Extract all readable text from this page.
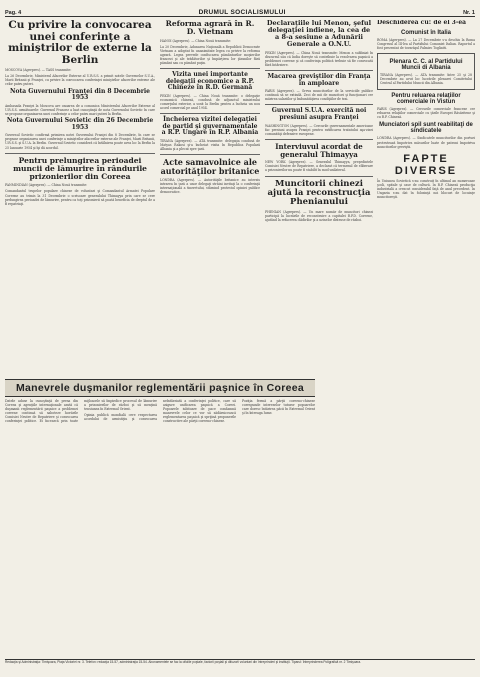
Pag. 4	DRUMUL SOCIALISMULUI	Nr. 1
Cu privire la convocarea unei conferinţe a miniştrilor de externe la Berlin

MOSCOVA (Agerpres). — TASS transmite:

La 26 Decembrie, Ministerul Afacerilor Externe al U.R.S.S. a primit notele Guvernelor S.U.A., Marii Britanii şi Franţei, cu privire la convocarea conferinţei miniştrilor afacerilor externe ale celor patru puteri.

Nota Guvernului Franţei din 8 Decembrie 1953

Ambasada Franţei la Moscova are onoarea de a comunica Ministerului Afacerilor Externe al U.R.S.S. următoarele: Guvernul Francez a luat cunoştinţă de nota Guvernului Sovietic în care se propune organizarea unei conferinţe a celor patru mari puteri la Berlin.

Nota Guvernului Sovietic din 26 Decembrie 1953

Guvernul Sovietic confirmă primirea notei Guvernului Franţei din 8 Decembrie, în care se propune organizarea unei conferinţe a miniştrilor afacerilor externe ale Franţei, Marii Britanii, U.R.S.S. şi S.U.A. la Berlin. Guvernul Sovietic consideră că întâlnirea poate avea loc la Berlin la 25 Ianuarie 1954 şi îşi dă acordul.

Pentru prelungirea perioadei muncii de lămurire în rândurile prizonierilor din Coreea

PANMINDIAN (Agerpres). — China Nouă transmite:

Comandantul trupelor populare chineze de voluntari şi Comandantul Armatei Populare Coreene au trimis la 31 Decembrie o scrisoare generalului Thimayya prin care se cere prelungirea perioadei de lămurire, pentru ca toţi prizonierii să poată beneficia de dreptul de a fi repatriaţi.

Reforma agrară în R. D. Vietnam

HANOI (Agerpres). — China Nouă transmite:

La 20 Decembrie, Adunarea Naţională a Republicii Democrate Vietnam a adoptat în unanimitate legea cu privire la reforma agrară. Legea prevede confiscarea pământurilor moşierilor francezi şi ale trădătorilor şi împărţirea lor ţăranilor fără pământ sau cu pământ puţin.

Vizita unei importante delegaţii economice a R.P. Chineze în R.D. Germană

PEKIN (Agerpres). — China Nouă transmite: o delegaţie economică chineză, condusă de adjunctul ministrului comerţului exterior, a sosit la Berlin pentru a încheia un nou acord comercial pe anul 1954.

Încheierea vizitei delegaţiei de partid şi guvernamentale a R.P. Ungare în R.P. Albania

TIRANA (Agerpres). — ATA transmite: delegaţia condusă de Matyas Rakosi şi-a încheiat vizita în Republica Populară Albania şi a plecat spre ţară.

Acte samavolnice ale autorităţilor britanice

LONDRA (Agerpres). — Autorităţile britanice au interzis intrarea în ţară a unor delegaţi străini invitaţi la o conferinţă internaţională a tineretului, stârnind protestul opiniei publice democratice.

Declaraţiile lui Menon, şeful delegaţiei indiene, la cea de a 8-a sesiune a Adunării Generale a O.N.U.

PEKIN (Agerpres). — China Nouă transmite: Menon a subliniat în discursul său că India doreşte să contribuie la rezolvarea paşnică a problemei coreene şi că conferinţa politică trebuie să fie convocată fără întârziere.

Macarea greviştilor din Franţa în amploare

PARIS (Agerpres). — Greva muncitorilor de la serviciile publice continuă să se extindă. Zeci de mii de muncitori şi funcţionari cer mărirea salariilor şi îmbunătăţirea condiţiilor de trai.

Guvernul S.U.A. exercită noi presiuni asupra Franţei

WASHINGTON (Agerpres). — Cercurile guvernamentale americane fac presiuni asupra Franţei pentru ratificarea tratatului aşa-zisei comunităţi defensive europene.

Interviuvul acordat de generalul Thimayya

NEW YORK (Agerpres). — Generalul Thimayya, preşedintele Comisiei Neutre de Repatriere, a declarat că termenul de eliberare a prizonierilor nu poate fi stabilit în mod unilateral.

Muncitorii chinezi ajută la reconstrucţia Phenianului

PHENIAN (Agerpres). — Un mare număr de muncitori chinezi participă la lucrările de reconstruire a capitalei R.P.D. Coreene, ajutând la refacerea clădirilor şi a uzinelor distruse de război.

Deschiderea cu! de el 3-ea
Comunist în Italia

ROMA (Agerpres). — La 27 Decembrie s-a deschis la Roma Congresul al III-lea al Partidului Comunist Italian. Raportul a fost prezentat de tovarăşul Palmiro Togliatti.

Plenara C. C. al Partidului Muncii di Albania

TIRANA (Agerpres). — ATA transmite: între 25 şi 28 Decembrie au avut loc lucrările plenarei Comitetului Central al Partidului Muncii din Albania.

Pentru reluarea relaţiilor comerciale în Vistun

PARIS (Agerpres). — Cercurile comerciale franceze cer reluarea relaţiilor comerciale cu ţările Europei Răsăritene şi cu R.P. Chineză.

Munciatori spil sunt reabilitaţi de sindicatele

LONDRA (Agerpres). — Sindicatele muncitorilor din porturi protestează împotriva măsurilor luate de patroni împotriva muncitorilor greviştii.

FAPTE DIVERSE

În Uniunea Sovietică s-au construit în ultimul an numeroase şcoli, spitale şi case de cultură. În R.P. Chineză producţia industrială a crescut considerabil faţă de anul precedent. În Ungaria s-au dat în folosinţă noi blocuri de locuinţe muncitoreşti.

Manevrele duşmanilor reglementării paşnice în Coreea

Datele aduse la cunoştinţă de presa din Coreea şi agenţiile internaţionale arată că duşmanii reglementării paşnice a problemei coreene continuă să saboteze lucrările Comisiei Neutre de Repatriere şi convocarea conferinţei politice. Ei încearcă prin toate mijloacele să împiedice procesul de lămurire a prizonierilor de război şi să menţină tensiunea în Extremul Orient.

Opinia publică mondială cere respectarea acordului de armistiţiu şi convocarea neîntârziată a conferinţei politice, care să asigure unificarea paşnică a Coreei. Popoarele iubitoare de pace condamnă manevrele celor ce vor să zădărnicească reglementarea paşnică şi sprijină propunerile constructive ale părţii coreeno-chineze.

Poziţia fermă a părţii coreeno-chineze corespunde intereselor tuturor popoarelor care doresc întărirea păcii în Extremul Orient şi în întreaga lume.

Redacţia şi Administraţia: Timişoara, Piaţa Victoriei nr. 3. Telefon: redacţia 15-57, administraţia 15-54. Abonamentele se fac la oficiile poştale, factorii poştali şi difuzorii voluntari din întreprinderi şi instituţii. Tiparul: Întreprinderea Poligrafică nr. 2 Timişoara.
